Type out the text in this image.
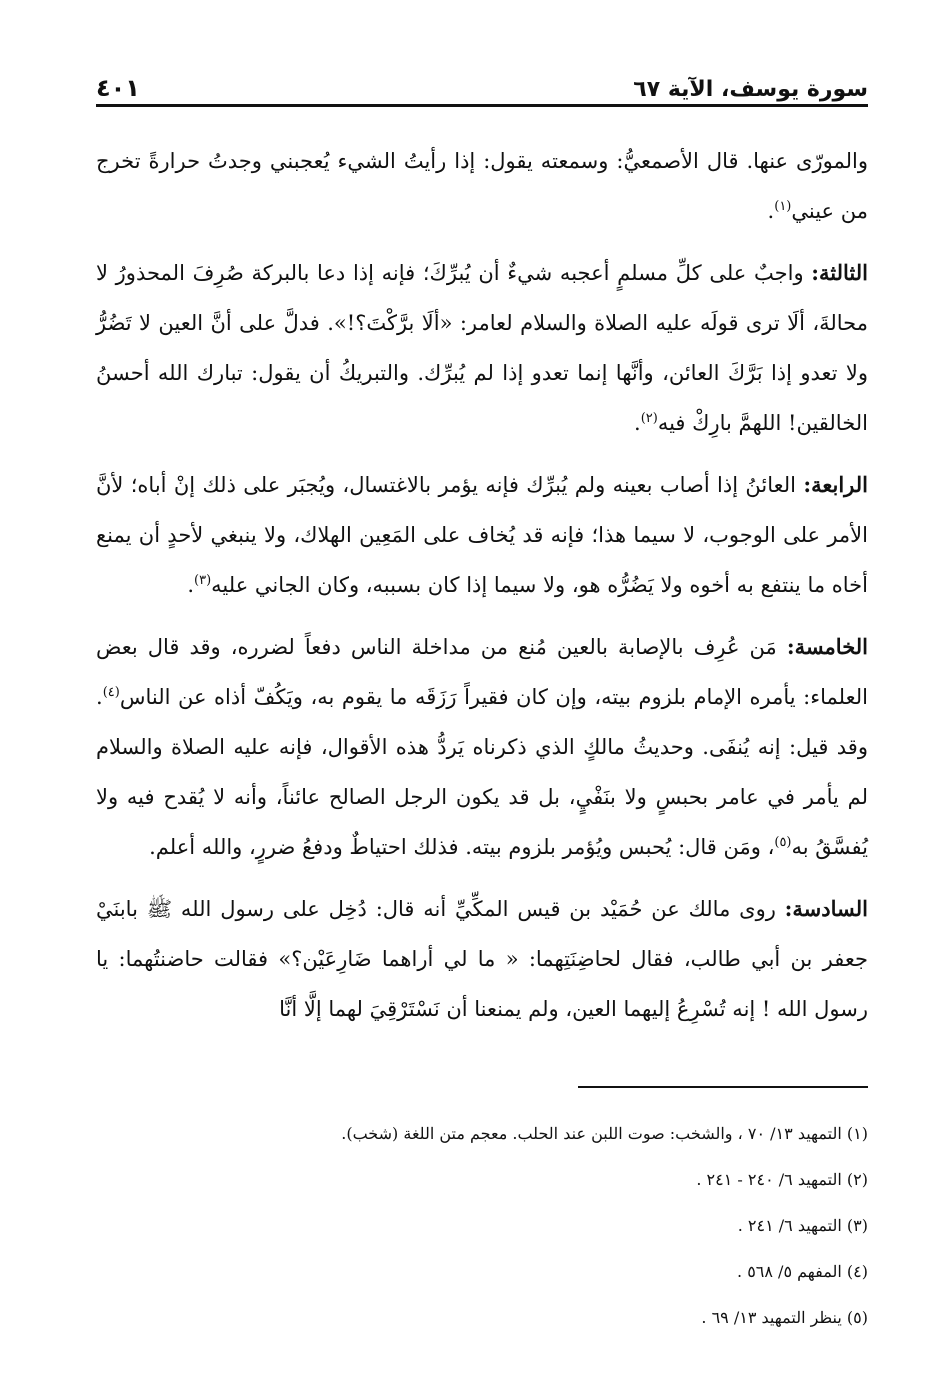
سورة يوسف، الآية ٦٧
٤٠١

والمورّى عنها. قال الأصمعيُّ: وسمعته يقول: إذا رأيتُ الشيء يُعجبني وجدتُ حرارةً تخرج من عيني$^{(١)}$.

الثالثة: واجبٌ على كلِّ مسلمٍ أعجبه شيءٌ أن يُبرِّكَ؛ فإنه إذا دعا بالبركة صُرِفَ المحذورُ لا محالةَ، ألَا ترى قولَه عليه الصلاة والسلام لعامر: «ألَا برَّكْتَ؟!». فدلَّ على أنَّ العين لا تَضُرُّ ولا تعدو إذا بَرَّكَ العائن، وأنَّها إنما تعدو إذا لم يُبرِّك. والتبريكُ أن يقول: تبارك الله أحسنُ الخالقين! اللهمَّ بارِكْ فيه$^{(٢)}$.

الرابعة: العائنُ إذا أصاب بعينه ولم يُبرِّك فإنه يؤمر بالاغتسال، ويُجبَر على ذلك إنْ أباه؛ لأنَّ الأمر على الوجوب، لا سيما هذا؛ فإنه قد يُخاف على المَعِين الهلاك، ولا ينبغي لأحدٍ أن يمنع أخاه ما ينتفع به أخوه ولا يَضُرُّه هو، ولا سيما إذا كان بسببه، وكان الجاني عليه$^{(٣)}$.

الخامسة: مَن عُرِف بالإصابة بالعين مُنع من مداخلة الناس دفعاً لضرره، وقد قال بعض العلماء: يأمره الإمام بلزوم بيته، وإن كان فقيراً رَزَقَه ما يقوم به، ويَكُفّ أذاه عن الناس$^{(٤)}$. وقد قيل: إنه يُنفَى. وحديثُ مالكٍ الذي ذكرناه يَردُّ هذه الأقوال، فإنه عليه الصلاة والسلام لم يأمر في عامر بحبسٍ ولا بنَفْيٍ، بل قد يكون الرجل الصالح عائناً، وأنه لا يُقدح فيه ولا يُفسَّقُ به$^{(٥)}$، ومَن قال: يُحبس ويُؤمر بلزوم بيته. فذلك احتياطٌ ودفعُ ضررٍ، والله أعلم.

السادسة: روى مالك عن حُمَيْد بن قيس المكِّيِّ أنه قال: دُخِل على رسول الله ﷺ بابنَيْ جعفر بن أبي طالب، فقال لحاضِنَتِهما: « ما لي أراهما ضَارِعَيْن؟» فقالت حاضنتُهما: يا رسول الله ! إنه تُسْرِعُ إليهما العين، ولم يمنعنا أن نَسْتَرْقِيَ لهما إلَّا أنَّا

(١) التمهيد ١٣/ ٧٠ ، والشخب: صوت اللبن عند الحلب. معجم متن اللغة (شخب).

(٢) التمهيد ٦/ ٢٤٠ - ٢٤١ .

(٣) التمهيد ٦/ ٢٤١ .

(٤) المفهم ٥/ ٥٦٨ .

(٥) ينظر التمهيد ١٣/ ٦٩ .
